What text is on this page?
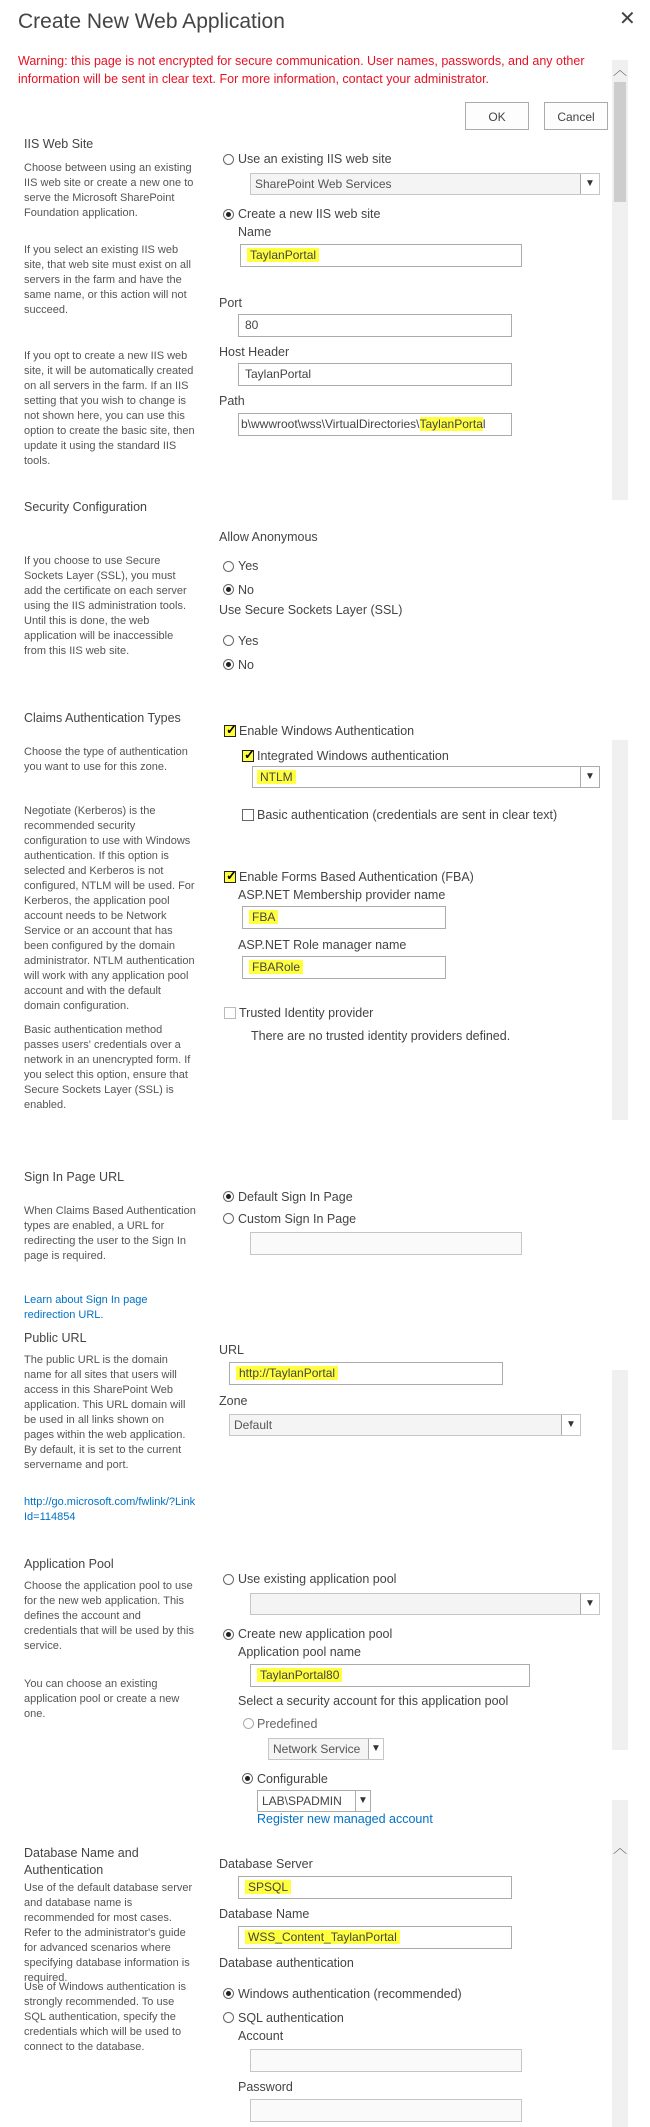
Create New Web Application	✕
Warning: this page is not encrypted for secure communication. User names, passwords, and any other information will be sent in clear text. For more information, contact your administrator.
︿
︿
OK	Cancel
IIS Web Site
Choose between using an existing IIS web site or create a new one to serve the Microsoft SharePoint Foundation application.
If you select an existing IIS web site, that web site must exist on all servers in the farm and have the same name, or this action will not succeed.
If you opt to create a new IIS web site, it will be automatically created on all servers in the farm. If an IIS setting that you wish to change is not shown here, you can use this option to create the basic site, then update it using the standard IIS tools.
Use an existing IIS web site
SharePoint Web Services	▼
Create a new IIS web site
Name
TaylanPortal
Port
80
Host Header
TaylanPortal
Path
b\wwwroot\wss\VirtualDirectories\TaylanPortal
Security Configuration
If you choose to use Secure Sockets Layer (SSL), you must add the certificate on each server using the IIS administration tools. Until this is done, the web application will be inaccessible from this IIS web site.
Allow Anonymous
Yes
No
Use Secure Sockets Layer (SSL)
Yes
No
Claims Authentication Types
Choose the type of authentication you want to use for this zone.
Negotiate (Kerberos) is the recommended security configuration to use with Windows authentication. If this option is selected and Kerberos is not configured, NTLM will be used. For Kerberos, the application pool account needs to be Network Service or an account that has been configured by the domain administrator. NTLM authentication will work with any application pool account and with the default domain configuration.
Basic authentication method passes users' credentials over a network in an unencrypted form. If you select this option, ensure that Secure Sockets Layer (SSL) is enabled.
✓
Enable Windows Authentication
✓
Integrated Windows authentication
NTLM	▼
Basic authentication (credentials are sent in clear text)
✓
Enable Forms Based Authentication (FBA)
ASP.NET Membership provider name
FBA
ASP.NET Role manager name
FBARole
Trusted Identity provider
There are no trusted identity providers defined.
Sign In Page URL
When Claims Based Authentication types are enabled, a URL for redirecting the user to the Sign In page is required.
Learn about Sign In page redirection URL.
Default Sign In Page
Custom Sign In Page
Public URL
The public URL is the domain name for all sites that users will access in this SharePoint Web application. This URL domain will be used in all links shown on pages within the web application. By default, it is set to the current servername and port.
http://go.microsoft.com/fwlink/?LinkId=114854
URL
http://TaylanPortal
Zone
Default	▼
Application Pool
Choose the application pool to use for the new web application. This defines the account and credentials that will be used by this service.
You can choose an existing application pool or create a new one.
Use existing application pool
▼
Create new application pool
Application pool name
TaylanPortal80
Select a security account for this application pool
Predefined
Network Service	▼
Configurable
LAB\SPADMIN	▼
Register new managed account
Database Name and Authentication
Use of the default database server and database name is recommended for most cases. Refer to the administrator's guide for advanced scenarios where specifying database information is required.
Use of Windows authentication is strongly recommended. To use SQL authentication, specify the credentials which will be used to connect to the database.
Database Server
SPSQL
Database Name
WSS_Content_TaylanPortal
Database authentication
Windows authentication (recommended)
SQL authentication
Account
Password
